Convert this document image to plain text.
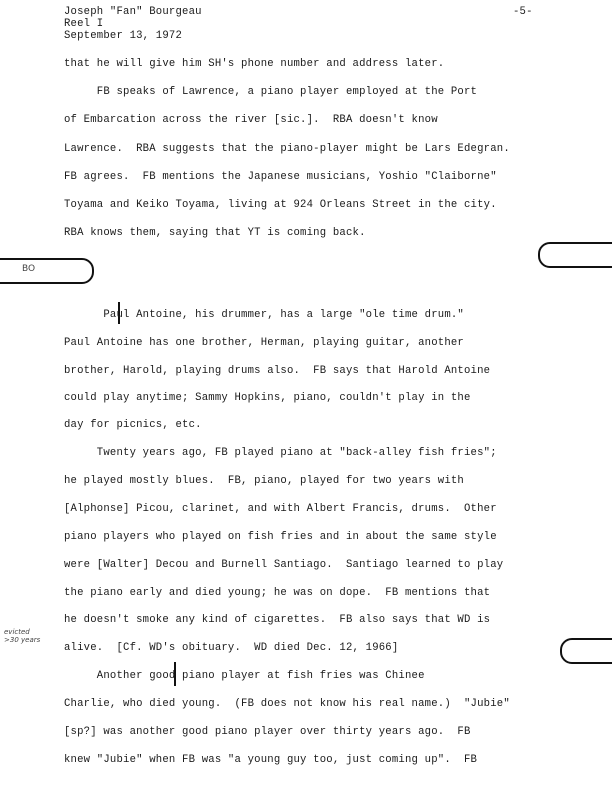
Joseph "Fan" Bourgeau	-5-
Reel I
September 13, 1972
that he will give him SH's phone number and address later.
FB speaks of Lawrence, a piano player employed at the Port
of Embarcation across the river [sic.].  RBA doesn't know
Lawrence.  RBA suggests that the piano-player might be Lars Edegran.
FB agrees.  FB mentions the Japanese musicians, Yoshio "Claiborne"
Toyama and Keiko Toyama, living at 924 Orleans Street in the city.
RBA knows them, saying that YT is coming back.
Paul Antoine, his drummer, has a large "ole time drum."
Paul Antoine has one brother, Herman, playing guitar, another
brother, Harold, playing drums also.  FB says that Harold Antoine
could play anytime; Sammy Hopkins, piano, couldn't play in the
day for picnics, etc.
Twenty years ago, FB played piano at "back-alley fish fries";
he played mostly blues.  FB, piano, played for two years with
[Alphonse] Picou, clarinet, and with Albert Francis, drums.  Other
piano players who played on fish fries and in about the same style
were [Walter] Decou and Burnell Santiago.  Santiago learned to play
the piano early and died young; he was on dope.  FB mentions that
he doesn't smoke any kind of cigarettes.  FB also says that WD is
alive.  [Cf. WD's obituary.  WD died Dec. 12, 1966]
Another good piano player at fish fries was Chinee
Charlie, who died young.  (FB does not know his real name.)  "Jubie"
[sp?] was another good piano player over thirty years ago.  FB
knew "Jubie" when FB was "a young guy too, just coming up".  FB
BO
evicted
>30 years
